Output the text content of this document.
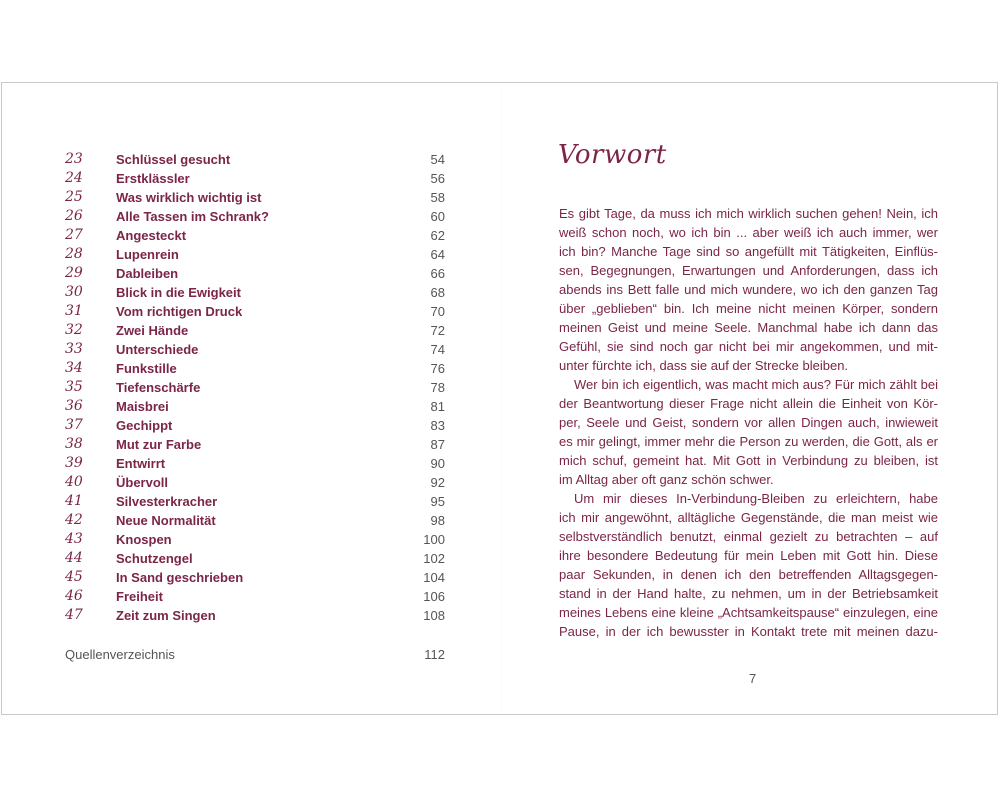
23	Schlüssel gesucht	54
24	Erstklässler	56
25	Was wirklich wichtig ist	58
26	Alle Tassen im Schrank?	60
27	Angesteckt	62
28	Lupenrein	64
29	Dableiben	66
30	Blick in die Ewigkeit	68
31	Vom richtigen Druck	70
32	Zwei Hände	72
33	Unterschiede	74
34	Funkstille	76
35	Tiefenschärfe	78
36	Maisbrei	81
37	Gechippt	83
38	Mut zur Farbe	87
39	Entwirrt	90
40	Übervoll	92
41	Silvesterkracher	95
42	Neue Normalität	98
43	Knospen	100
44	Schutzengel	102
45	In Sand geschrieben	104
46	Freiheit	106
47	Zeit zum Singen	108
Quellenverzeichnis	112
Vorwort
Es gibt Tage, da muss ich mich wirklich suchen gehen! Nein, ich
weiß schon noch, wo ich bin ... aber weiß ich auch immer, wer
ich bin? Manche Tage sind so angefüllt mit Tätigkeiten, Einflüs-
sen, Begegnungen, Erwartungen und Anforderungen, dass ich
abends ins Bett falle und mich wundere, wo ich den ganzen Tag
über „geblieben“ bin. Ich meine nicht meinen Körper, sondern
meinen Geist und meine Seele. Manchmal habe ich dann das
Gefühl, sie sind noch gar nicht bei mir angekommen, und mit-
unter fürchte ich, dass sie auf der Strecke bleiben.
Wer bin ich eigentlich, was macht mich aus? Für mich zählt bei
der Beantwortung dieser Frage nicht allein die Einheit von Kör-
per, Seele und Geist, sondern vor allen Dingen auch, inwieweit
es mir gelingt, immer mehr die Person zu werden, die Gott, als er
mich schuf, gemeint hat. Mit Gott in Verbindung zu bleiben, ist
im Alltag aber oft ganz schön schwer.
Um mir dieses In-Verbindung-Bleiben zu erleichtern, habe
ich mir angewöhnt, alltägliche Gegenstände, die man meist wie
selbstverständlich benutzt, einmal gezielt zu betrachten – auf
ihre besondere Bedeutung für mein Leben mit Gott hin. Diese
paar Sekunden, in denen ich den betreffenden Alltagsgegen-
stand in der Hand halte, zu nehmen, um in der Betriebsamkeit
meines Lebens eine kleine „Achtsamkeitspause“ einzulegen, eine
Pause, in der ich bewusster in Kontakt trete mit meinen dazu-
7
